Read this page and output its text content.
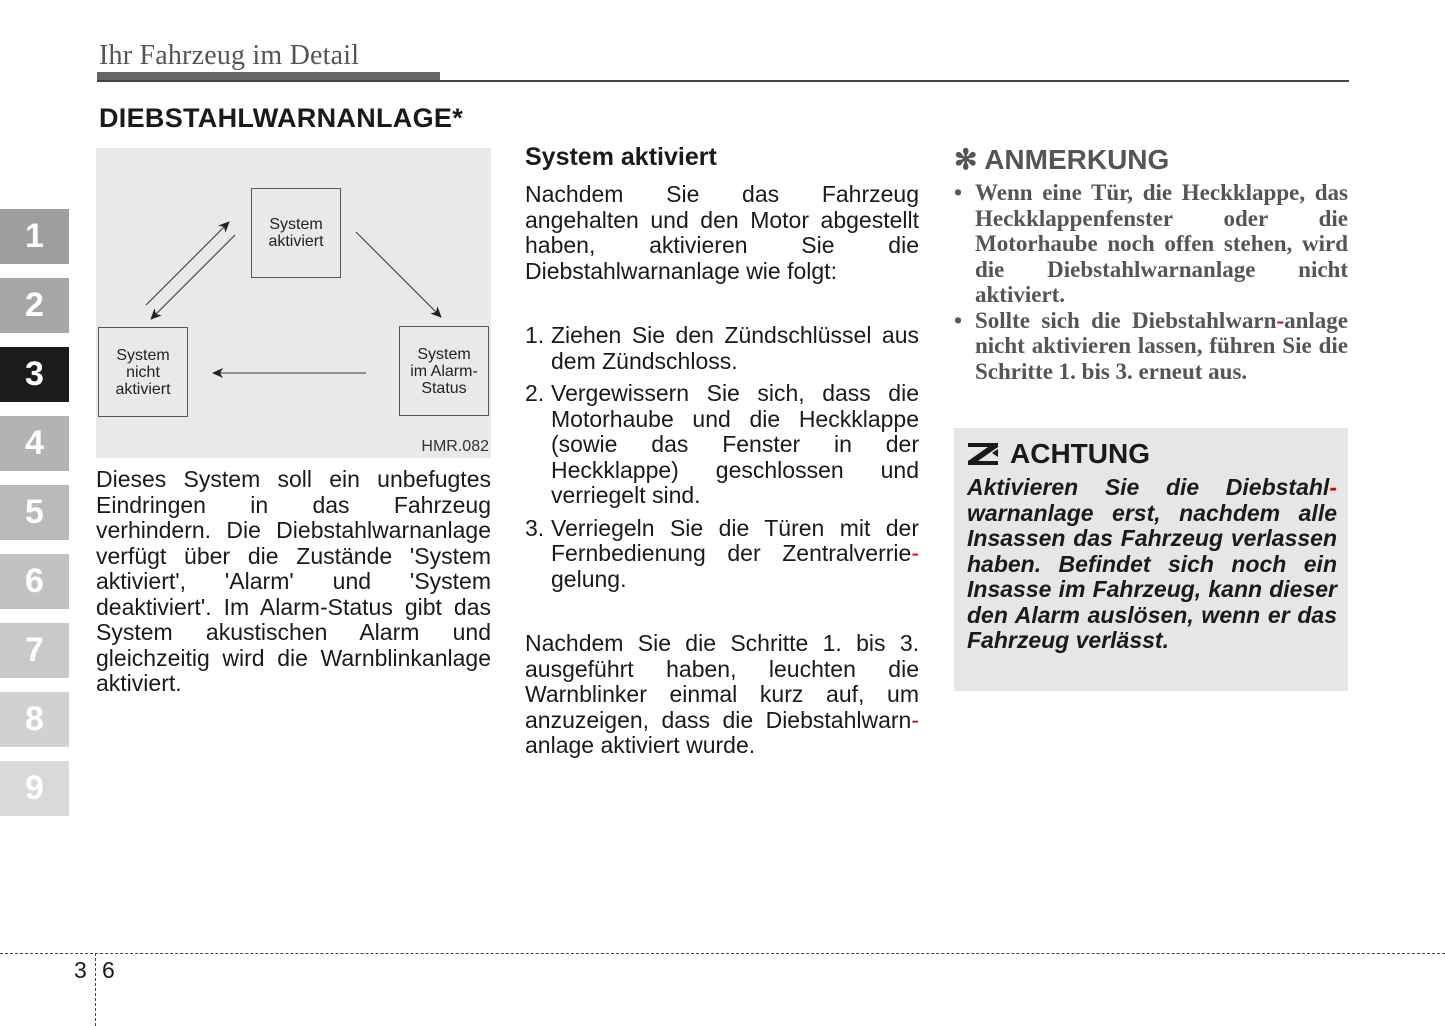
Ihr Fahrzeug im Detail
1
2
3
4
5
6
7
8
9
DIEBSTAHLWARNANLAGE*
System
aktiviert
System
nicht
aktiviert
System
im Alarm-
Status
HMR.082
Dieses System soll ein unbefugtes Eindringen in das Fahrzeug verhindern. Die Diebstahlwarnanlage verfügt über die Zustände 'System aktiviert', 'Alarm' und 'System deaktiviert'. Im Alarm-Status gibt das System akustischen Alarm und gleichzeitig wird die Warnblinkanlage aktiviert.
System aktiviert
Nachdem Sie das Fahrzeug angehalten und den Motor abgestellt haben, aktivieren Sie die Diebstahlwarnanlage wie folgt:
1. Ziehen Sie den Zündschlüssel aus dem Zündschloss.
2. Vergewissern Sie sich, dass die Motorhaube und die Heckklappe (sowie das Fenster in der Heckklappe) geschlossen und verriegelt sind.
3. Verriegeln Sie die Türen mit der Fernbedienung der Zentralverrie-gelung.
Nachdem Sie die Schritte 1. bis 3. ausgeführt haben, leuchten die Warnblinker einmal kurz auf, um anzuzeigen, dass die Diebstahlwarn-anlage aktiviert wurde.
✻ ANMERKUNG
• Wenn eine Tür, die Heckklappe, das Heckklappenfenster oder die Motorhaube noch offen stehen, wird die Diebstahlwarnanlage nicht aktiviert.
• Sollte sich die Diebstahlwarn-anlage nicht aktivieren lassen, führen Sie die Schritte 1. bis 3. erneut aus.
ACHTUNG
Aktivieren Sie die Diebstahl-warnanlage erst, nachdem alle Insassen das Fahrzeug verlassen haben. Befindet sich noch ein Insasse im Fahrzeug, kann dieser den Alarm auslösen, wenn er das Fahrzeug verlässt.
3 6
